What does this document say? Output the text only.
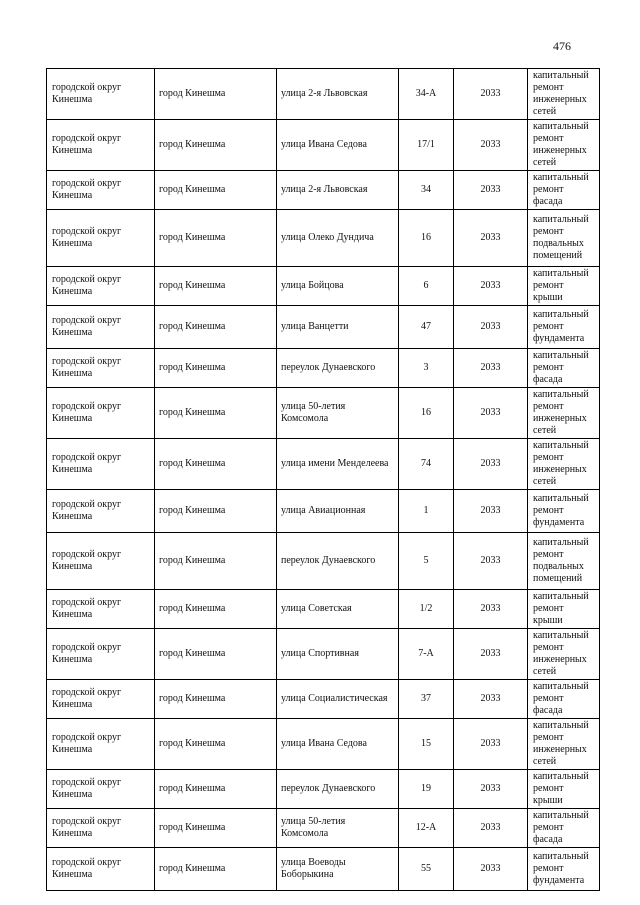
476
городской округ Кинешма	город Кинешма	улица 2-я Львовская	34-А	2033	капитальный ремонт инженерных сетей
городской округ Кинешма	город Кинешма	улица Ивана Седова	17/1	2033	капитальный ремонт инженерных сетей
городской округ Кинешма	город Кинешма	улица 2-я Львовская	34	2033	капитальный ремонт фасада
городской округ Кинешма	город Кинешма	улица Олеко Дундича	16	2033	капитальный ремонт подвальных помещений
городской округ Кинешма	город Кинешма	улица Бойцова	6	2033	капитальный ремонт крыши
городской округ Кинешма	город Кинешма	улица Ванцетти	47	2033	капитальный ремонт фундамента
городской округ Кинешма	город Кинешма	переулок Дунаевского	3	2033	капитальный ремонт фасада
городской округ Кинешма	город Кинешма	улица 50-летия Комсомола	16	2033	капитальный ремонт инженерных сетей
городской округ Кинешма	город Кинешма	улица имени Менделеева	74	2033	капитальный ремонт инженерных сетей
городской округ Кинешма	город Кинешма	улица Авиационная	1	2033	капитальный ремонт фундамента
городской округ Кинешма	город Кинешма	переулок Дунаевского	5	2033	капитальный ремонт подвальных помещений
городской округ Кинешма	город Кинешма	улица Советская	1/2	2033	капитальный ремонт крыши
городской округ Кинешма	город Кинешма	улица Спортивная	7-А	2033	капитальный ремонт инженерных сетей
городской округ Кинешма	город Кинешма	улица Социалистическая	37	2033	капитальный ремонт фасада
городской округ Кинешма	город Кинешма	улица Ивана Седова	15	2033	капитальный ремонт инженерных сетей
городской округ Кинешма	город Кинешма	переулок Дунаевского	19	2033	капитальный ремонт крыши
городской округ Кинешма	город Кинешма	улица 50-летия Комсомола	12-А	2033	капитальный ремонт фасада
городской округ Кинешма	город Кинешма	улица Воеводы Боборыкина	55	2033	капитальный ремонт фундамента
